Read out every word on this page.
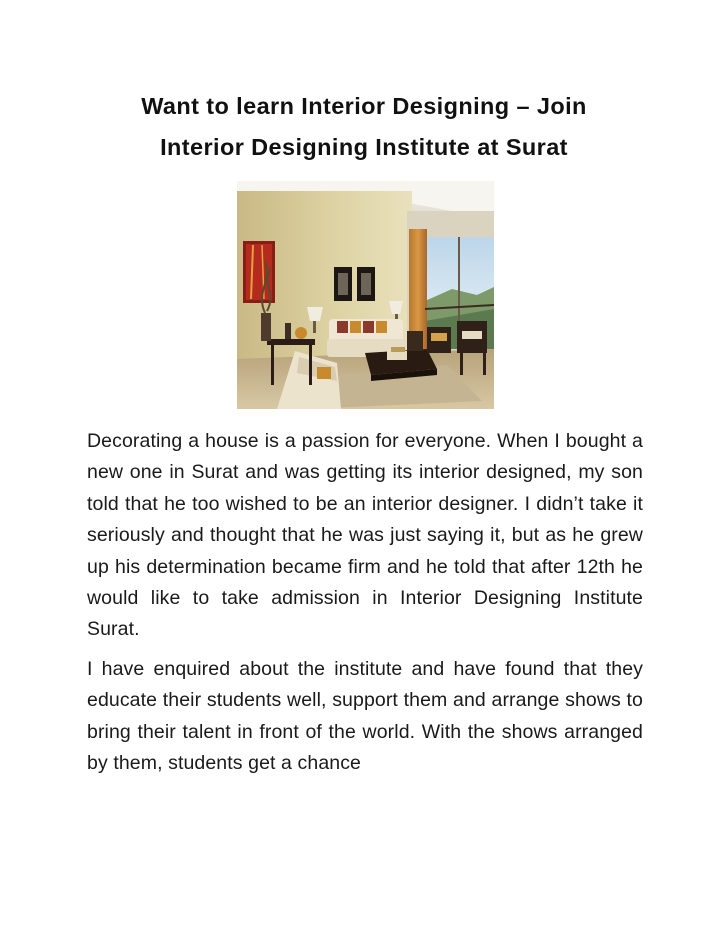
Want to learn Interior Designing – Join
Interior Designing Institute at Surat

Decorating a house is a passion for everyone. When I bought a new one in Surat and was getting its interior designed, my son told that he too wished to be an interior designer. I didn’t take it seriously and thought that he was just saying it, but as he grew up his determination became firm and he told that after 12th he would like to take admission in Interior Designing Institute Surat.

I have enquired about the institute and have found that they educate their students well, support them and arrange shows to bring their talent in front of the world. With the shows arranged by them, students get a chance
